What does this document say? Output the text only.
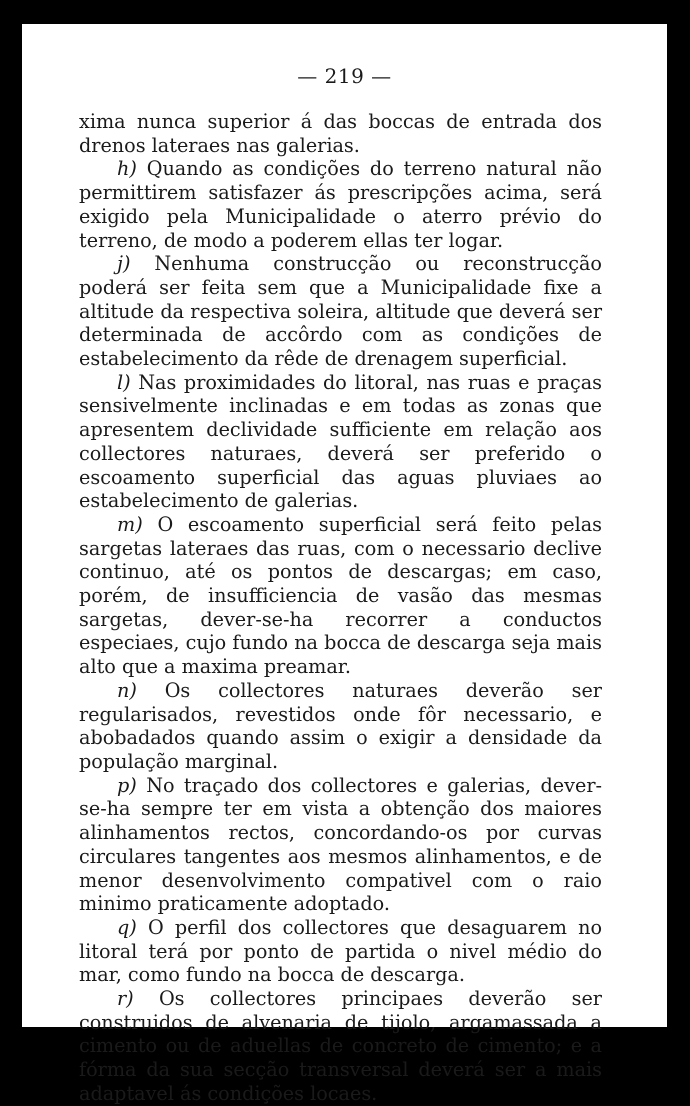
— 219 —

xima nunca superior á das boccas de entrada dos drenos lateraes nas galerias.

h) Quando as condições do terreno natural não permittirem satisfazer ás prescripções acima, será exigido pela Municipalidade o aterro prévio do terreno, de modo a poderem ellas ter logar.

j) Nenhuma construcção ou reconstrucção poderá ser feita sem que a Municipalidade fixe a altitude da respectiva soleira, altitude que deverá ser determinada de accôrdo com as condições de estabelecimento da rêde de drenagem superficial.

l) Nas proximidades do litoral, nas ruas e praças sensivelmente inclinadas e em todas as zonas que apresentem declividade sufficiente em relação aos collectores naturaes, deverá ser preferido o escoamento superficial das aguas pluviaes ao estabelecimento de galerias.

m) O escoamento superficial será feito pelas sargetas lateraes das ruas, com o necessario declive continuo, até os pontos de descargas; em caso, porém, de insufficiencia de vasão das mesmas sargetas, dever-se-ha recorrer a conductos especiaes, cujo fundo na bocca de descarga seja mais alto que a maxima preamar.

n) Os collectores naturaes deverão ser regularisados, revestidos onde fôr necessario, e abobadados quando assim o exigir a densidade da população marginal.

p) No traçado dos collectores e galerias, dever-se-ha sempre ter em vista a obtenção dos maiores alinhamentos rectos, concordando-os por curvas circulares tangentes aos mesmos alinhamentos, e de menor desenvolvimento compativel com o raio minimo praticamente adoptado.

q) O perfil dos collectores que desaguarem no litoral terá por ponto de partida o nivel médio do mar, como fundo na bocca de descarga.

r) Os collectores principaes deverão ser construidos de alvenaria de tijolo, argamassada a cimento ou de aduellas de concreto de cimento; e a fórma da sua secção transversal deverá ser a mais adaptavel ás condições locaes.
